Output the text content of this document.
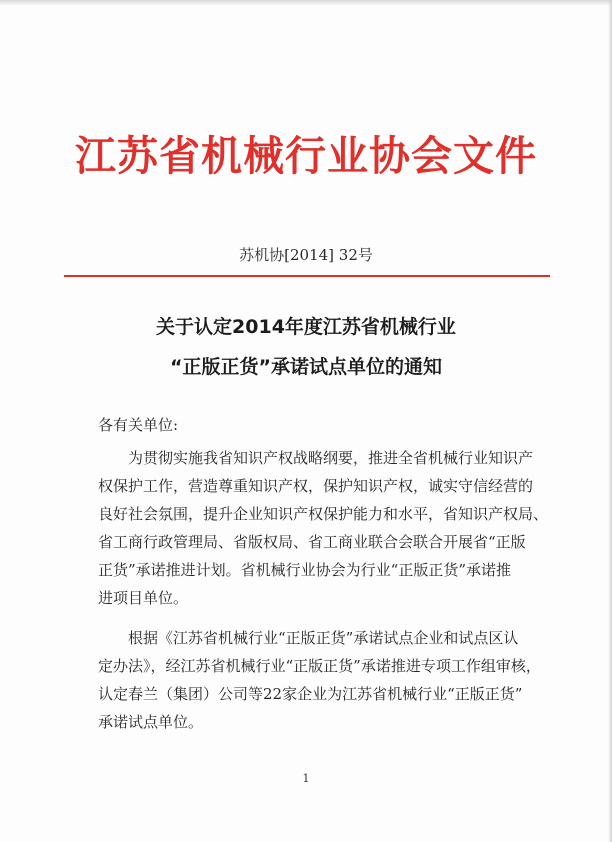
江苏省机械行业协会文件
苏机协[2014] 32号
关于认定2014年度江苏省机械行业
“正版正货”承诺试点单位的通知
各有关单位:
为贯彻实施我省知识产权战略纲要，推进全省机械行业知识产
权保护工作，营造尊重知识产权，保护知识产权，诚实守信经营的
良好社会氛围，提升企业知识产权保护能力和水平，省知识产权局、
省工商行政管理局、省版权局、省工商业联合会联合开展省“正版
正货”承诺推进计划。省机械行业协会为行业“正版正货”承诺推
进项目单位。
根据《江苏省机械行业“正版正货”承诺试点企业和试点区认
定办法》，经江苏省机械行业“正版正货”承诺推进专项工作组审核，
认定春兰（集团）公司等22家企业为江苏省机械行业“正版正货”
承诺试点单位。
1
